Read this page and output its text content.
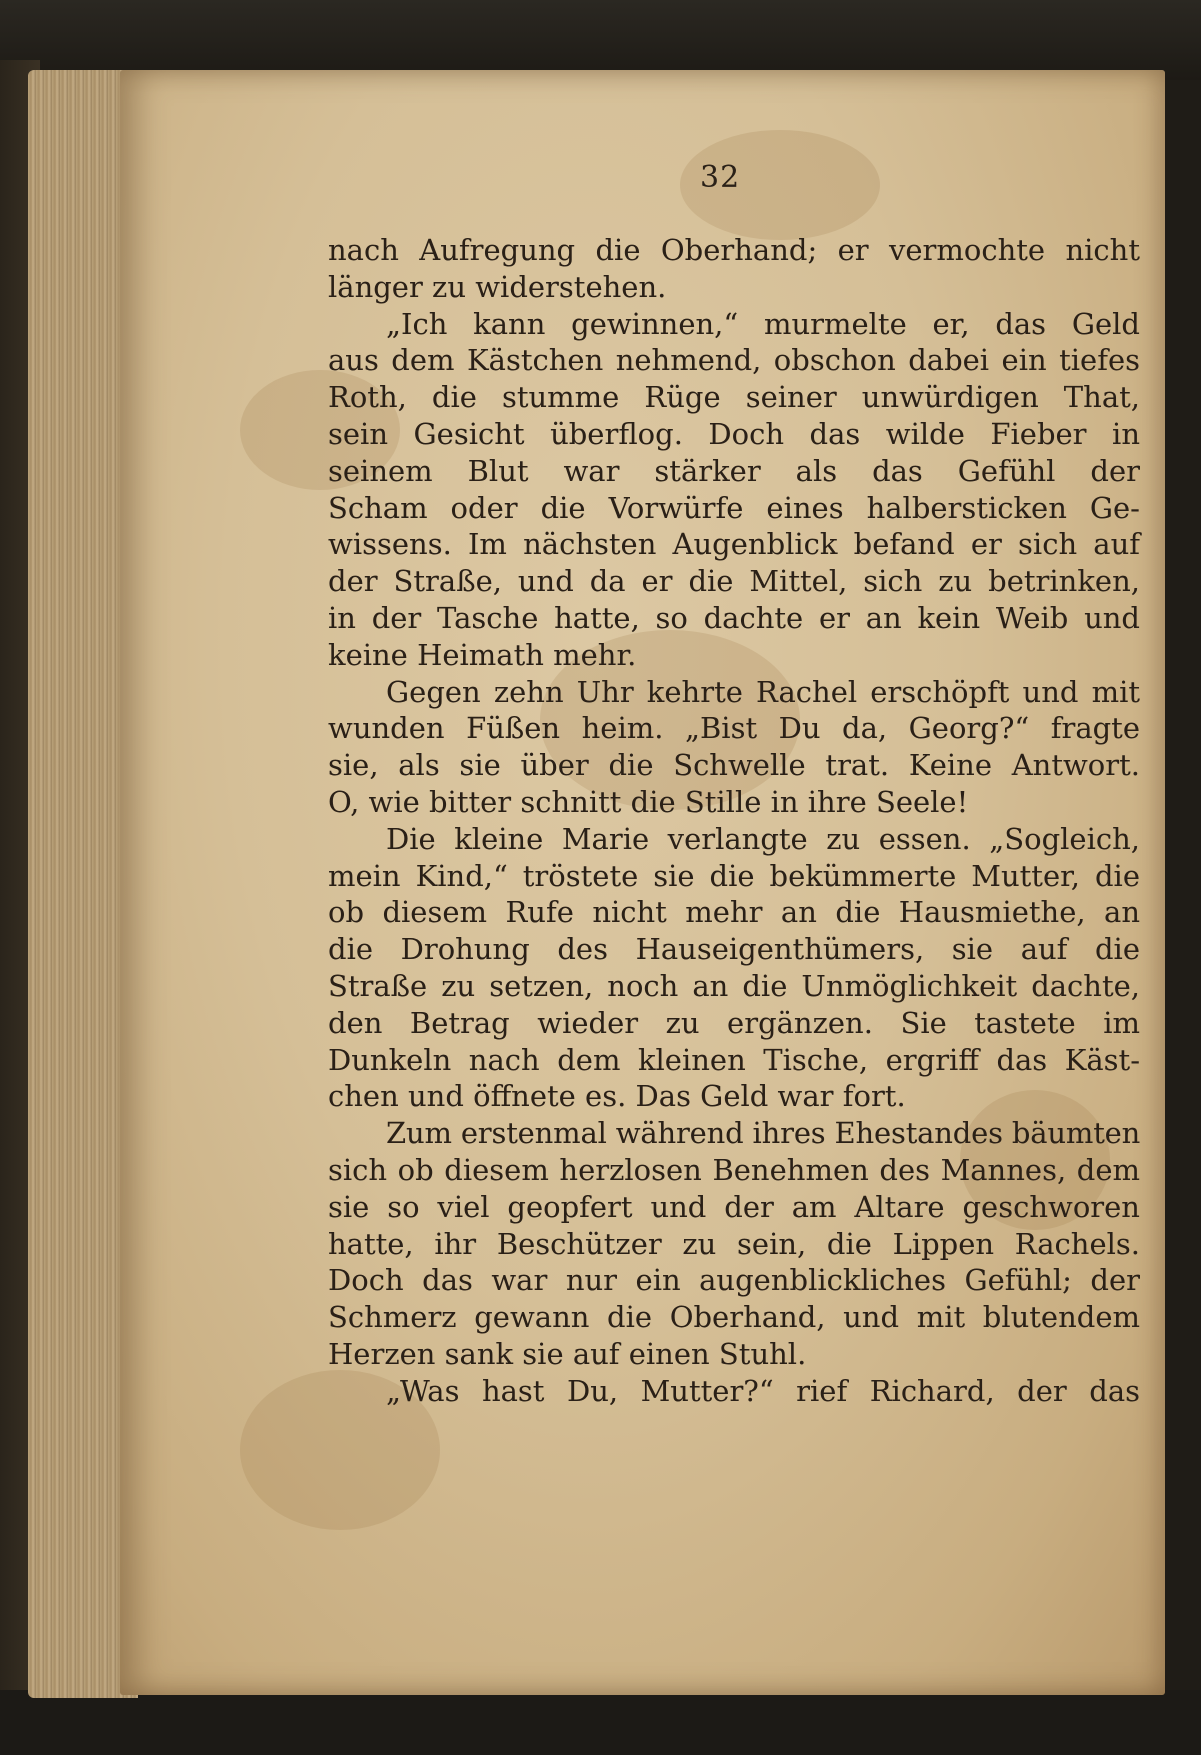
32
nach Aufregung die Oberhand; er vermochte nicht
länger zu widerstehen.
„Ich kann gewinnen,“ murmelte er, das Geld
aus dem Kästchen nehmend, obschon dabei ein tiefes
Roth, die stumme Rüge seiner unwürdigen That,
sein Gesicht überflog. Doch das wilde Fieber in
seinem Blut war stärker als das Gefühl der
Scham oder die Vorwürfe eines halbersticken Ge-
wissens. Im nächsten Augenblick befand er sich auf
der Straße, und da er die Mittel, sich zu betrinken,
in der Tasche hatte, so dachte er an kein Weib und
keine Heimath mehr.
Gegen zehn Uhr kehrte Rachel erschöpft und mit
wunden Füßen heim. „Bist Du da, Georg?“ fragte
sie, als sie über die Schwelle trat. Keine Antwort.
O, wie bitter schnitt die Stille in ihre Seele!
Die kleine Marie verlangte zu essen. „Sogleich,
mein Kind,“ tröstete sie die bekümmerte Mutter, die
ob diesem Rufe nicht mehr an die Hausmiethe, an
die Drohung des Hauseigenthümers, sie auf die
Straße zu setzen, noch an die Unmöglichkeit dachte,
den Betrag wieder zu ergänzen. Sie tastete im
Dunkeln nach dem kleinen Tische, ergriff das Käst-
chen und öffnete es. Das Geld war fort.
Zum erstenmal während ihres Ehestandes bäumten
sich ob diesem herzlosen Benehmen des Mannes, dem
sie so viel geopfert und der am Altare geschworen
hatte, ihr Beschützer zu sein, die Lippen Rachels.
Doch das war nur ein augenblickliches Gefühl; der
Schmerz gewann die Oberhand, und mit blutendem
Herzen sank sie auf einen Stuhl.
„Was hast Du, Mutter?“ rief Richard, der das
